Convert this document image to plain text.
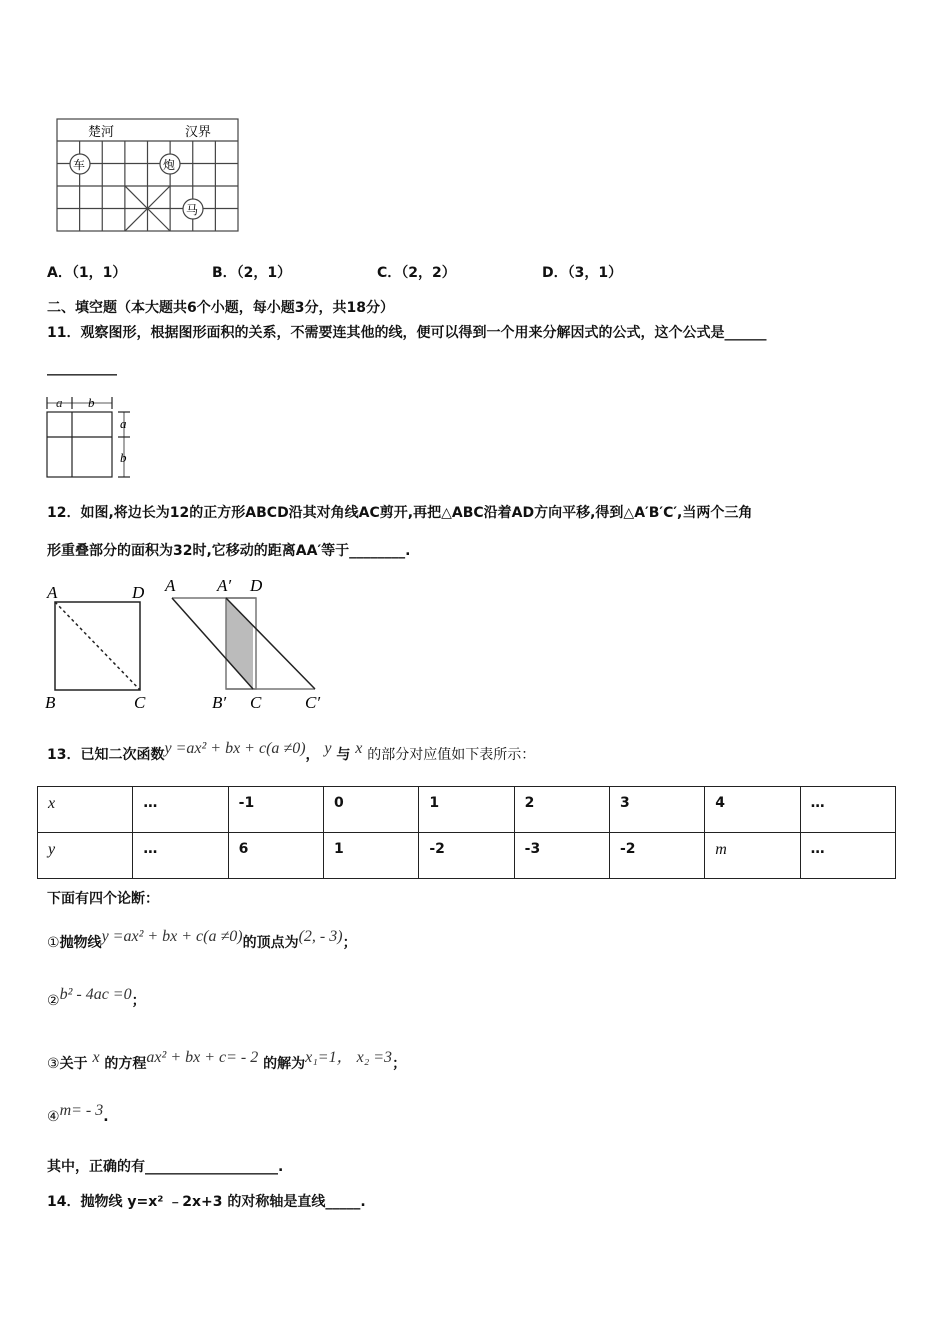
楚河	汉界
车	炮
马
a b
a
b
A	D
B	C
A A′ D
B′ C	C′
A．（1，1）	B．（2，1）	C．（2，2）	D．（3，1）
二、填空题（本大题共6个小题，每小题3分，共18分）
11．观察图形，根据图形面积的关系，不需要连其他的线，便可以得到一个用来分解因式的公式，这个公式是______
__________
12．如图,将边长为12的正方形ABCD沿其对角线AC剪开,再把△ABC沿着AD方向平移,得到△A′B′C′,当两个三角
形重叠部分的面积为32时,它移动的距离AA′等于________.
13．已知二次函数y =ax² + bx + c(a ≠0)， y 与 x 的部分对应值如下表所示：
x	…	-1	0	1	2	3	4	…
y	…	6	1	-2	-3	-2	m	…
下面有四个论断：
①抛物线y =ax² + bx + c(a ≠0)的顶点为(2, - 3)；
②b² - 4ac =0；
③关于 x 的方程ax² + bx + c= - 2 的解为x₁=1， x₂ =3；
④m= - 3.
其中，正确的有___________________.
14．抛物线 y=x² ﹣2x+3 的对称轴是直线_____.
